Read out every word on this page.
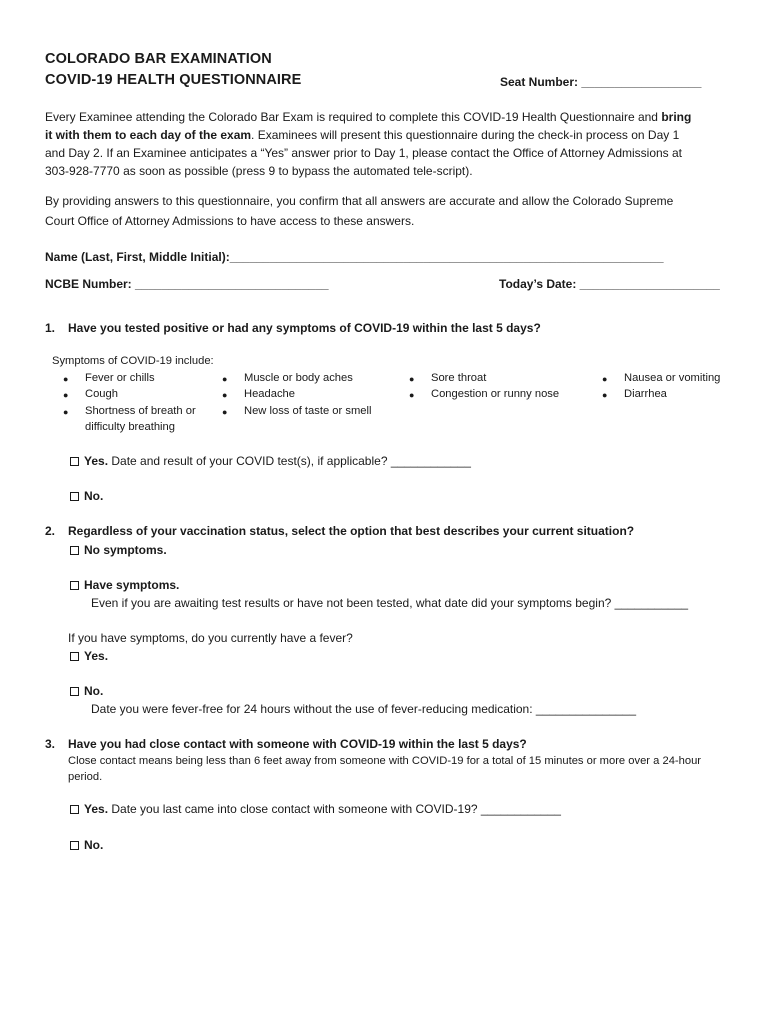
COLORADO BAR EXAMINATION
COVID-19 HEALTH QUESTIONNAIRE	Seat Number: __________________
Every Examinee attending the Colorado Bar Exam is required to complete this COVID-19 Health Questionnaire and bring
it with them to each day of the exam. Examinees will present this questionnaire during the check-in process on Day 1
and Day 2. If an Examinee anticipates a “Yes” answer prior to Day 1, please contact the Office of Attorney Admissions at
303-928-7770 as soon as possible (press 9 to bypass the automated tele-script).
By providing answers to this questionnaire, you confirm that all answers are accurate and allow the Colorado Supreme
Court Office of Attorney Admissions to have access to these answers.
Name (Last, First, Middle Initial):_________________________________________________________________
NCBE Number: _____________________________	Today’s Date: _____________________
1. Have you tested positive or had any symptoms of COVID-19 within the last 5 days?
Symptoms of COVID-19 include:
● Fever or chills
● Cough
● Shortness of breath or difficulty breathing
● Muscle or body aches
● Headache
● New loss of taste or smell
● Sore throat
● Congestion or runny nose
● Nausea or vomiting
● Diarrhea
Yes. Date and result of your COVID test(s), if applicable? ____________
No.
2. Regardless of your vaccination status, select the option that best describes your current situation?
No symptoms.
Have symptoms.
Even if you are awaiting test results or have not been tested, what date did your symptoms begin? ___________
If you have symptoms, do you currently have a fever?
Yes.
No.
Date you were fever-free for 24 hours without the use of fever-reducing medication: _______________
3. Have you had close contact with someone with COVID-19 within the last 5 days?
Close contact means being less than 6 feet away from someone with COVID-19 for a total of 15 minutes or more over a 24-hour
period.
Yes. Date you last came into close contact with someone with COVID-19? ____________
No.
